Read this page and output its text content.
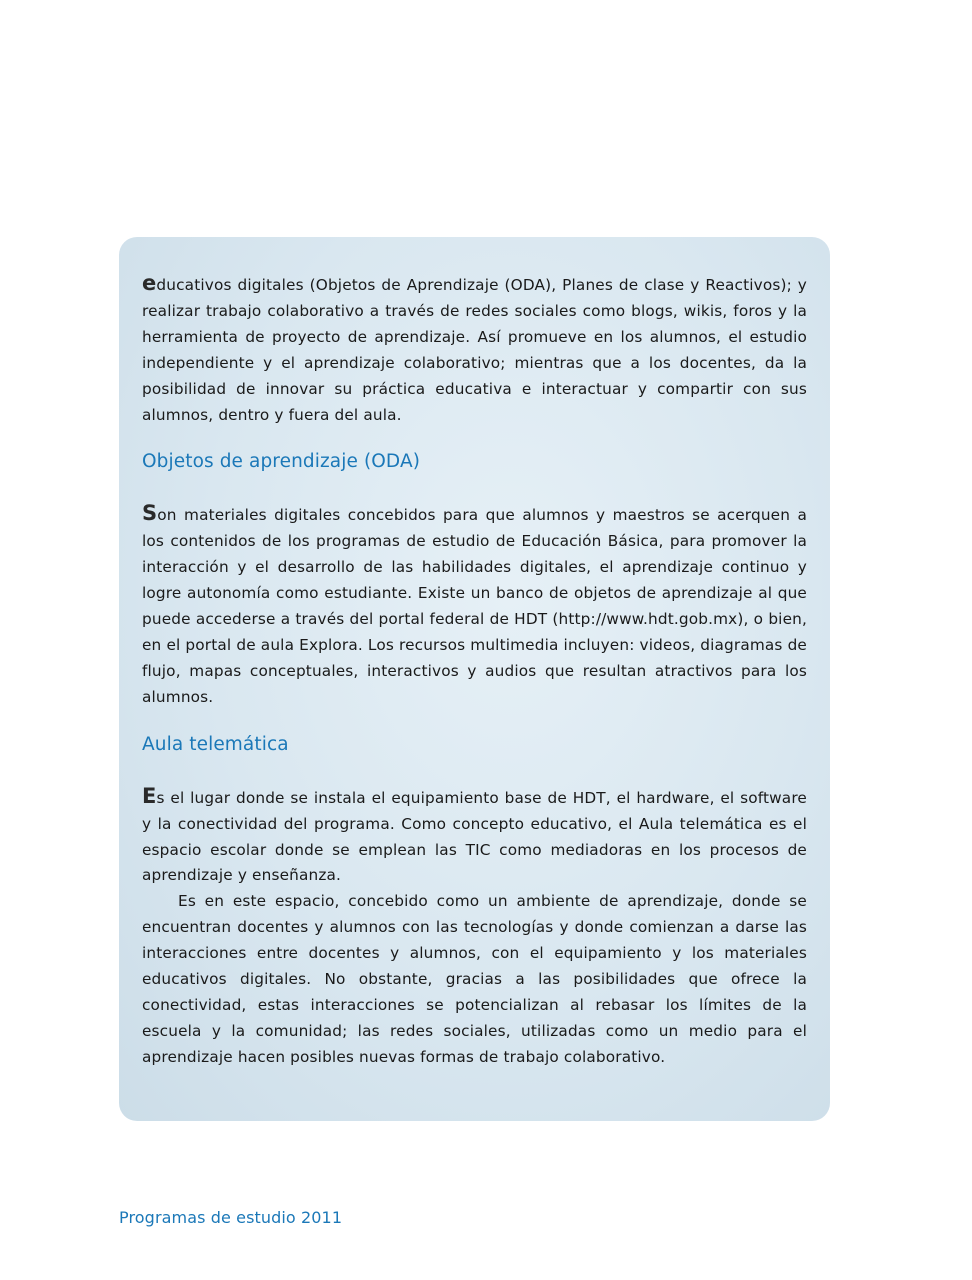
educativos digitales (Objetos de Aprendizaje (ODA), Planes de clase y Reactivos); y realizar trabajo colaborativo a través de redes sociales como blogs, wikis, foros y la herramienta de proyecto de aprendizaje. Así promueve en los alumnos, el estudio independiente y el aprendizaje colaborativo; mientras que a los docentes, da la posibilidad de innovar su práctica educativa e interactuar y compartir con sus alumnos, dentro y fuera del aula.

Objetos de aprendizaje (ODA)

Son materiales digitales concebidos para que alumnos y maestros se acerquen a los contenidos de los programas de estudio de Educación Básica, para promover la interacción y el desarrollo de las habilidades digitales, el aprendizaje continuo y logre autonomía como estudiante. Existe un banco de objetos de aprendizaje al que puede accederse a través del portal federal de HDT (http://www.hdt.gob.mx), o bien, en el portal de aula Explora. Los recursos multimedia incluyen: videos, diagramas de flujo, mapas conceptuales, interactivos y audios que resultan atractivos para los alumnos.

Aula telemática

Es el lugar donde se instala el equipamiento base de HDT, el hardware, el software y la conectividad del programa. Como concepto educativo, el Aula telemática es el espacio escolar donde se emplean las TIC como mediadoras en los procesos de aprendizaje y enseñanza.

Es en este espacio, concebido como un ambiente de aprendizaje, donde se encuentran docentes y alumnos con las tecnologías y donde comienzan a darse las interacciones entre docentes y alumnos, con el equipamiento y los materiales educativos digitales. No obstante, gracias a las posibilidades que ofrece la conectividad, estas interacciones se potencializan al rebasar los límites de la escuela y la comunidad; las redes sociales, utilizadas como un medio para el aprendizaje hacen posibles nuevas formas de trabajo colaborativo.

Programas de estudio 2011
